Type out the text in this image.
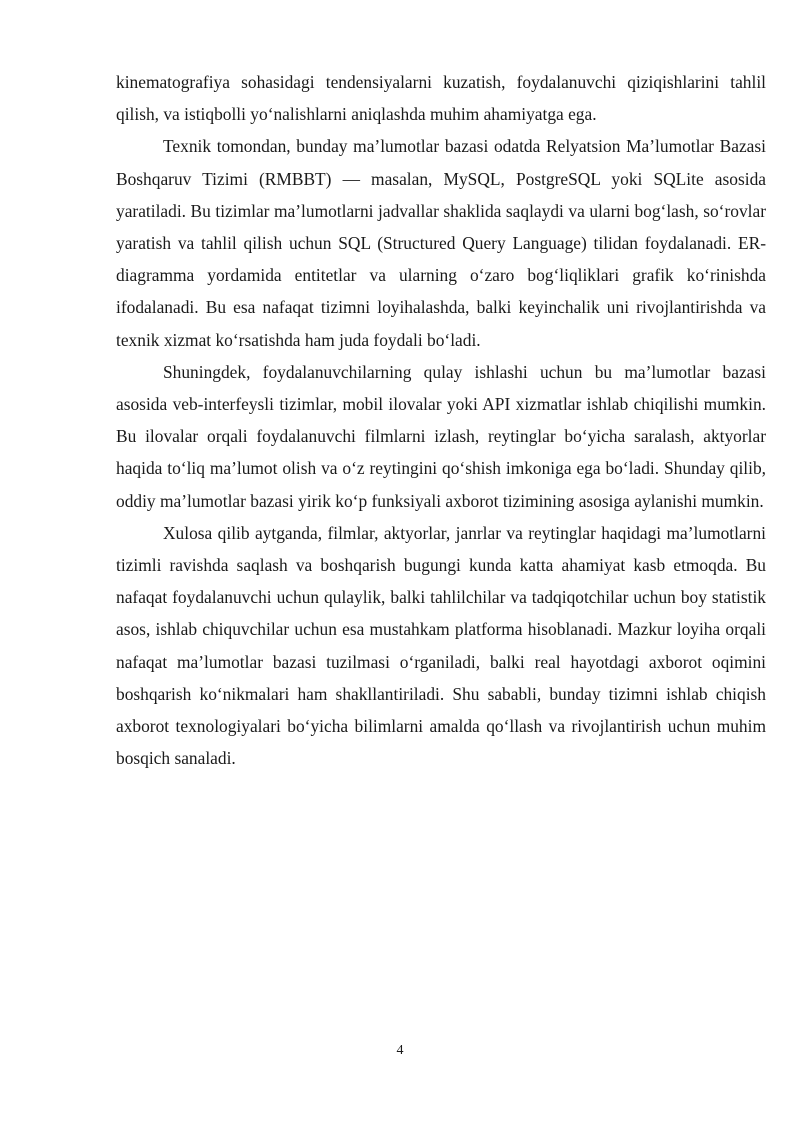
kinematografiya sohasidagi tendensiyalarni kuzatish, foydalanuvchi qiziqishlarini tahlil qilish, va istiqbolli yo‘nalishlarni aniqlashda muhim ahamiyatga ega.

Texnik tomondan, bunday ma’lumotlar bazasi odatda Relyatsion Ma’lumotlar Bazasi Boshqaruv Tizimi (RMBBT) — masalan, MySQL, PostgreSQL yoki SQLite asosida yaratiladi. Bu tizimlar ma’lumotlarni jadvallar shaklida saqlaydi va ularni bog‘lash, so‘rovlar yaratish va tahlil qilish uchun SQL (Structured Query Language) tilidan foydalanadi. ER-diagramma yordamida entitetlar va ularning o‘zaro bog‘liqliklari grafik ko‘rinishda ifodalanadi. Bu esa nafaqat tizimni loyihalashda, balki keyinchalik uni rivojlantirishda va texnik xizmat ko‘rsatishda ham juda foydali bo‘ladi.

Shuningdek, foydalanuvchilarning qulay ishlashi uchun bu ma’lumotlar bazasi asosida veb-interfeysli tizimlar, mobil ilovalar yoki API xizmatlar ishlab chiqilishi mumkin. Bu ilovalar orqali foydalanuvchi filmlarni izlash, reytinglar bo‘yicha saralash, aktyorlar haqida to‘liq ma’lumot olish va o‘z reytingini qo‘shish imkoniga ega bo‘ladi. Shunday qilib, oddiy ma’lumotlar bazasi yirik ko‘p funksiyali axborot tizimining asosiga aylanishi mumkin.

Xulosa qilib aytganda, filmlar, aktyorlar, janrlar va reytinglar haqidagi ma’lumotlarni tizimli ravishda saqlash va boshqarish bugungi kunda katta ahamiyat kasb etmoqda. Bu nafaqat foydalanuvchi uchun qulaylik, balki tahlilchilar va tadqiqotchilar uchun boy statistik asos, ishlab chiquvchilar uchun esa mustahkam platforma hisoblanadi. Mazkur loyiha orqali nafaqat ma’lumotlar bazasi tuzilmasi o‘rganiladi, balki real hayotdagi axborot oqimini boshqarish ko‘nikmalari ham shakllantiriladi. Shu sababli, bunday tizimni ishlab chiqish axborot texnologiyalari bo‘yicha bilimlarni amalda qo‘llash va rivojlantirish uchun muhim bosqich sanaladi.

4
